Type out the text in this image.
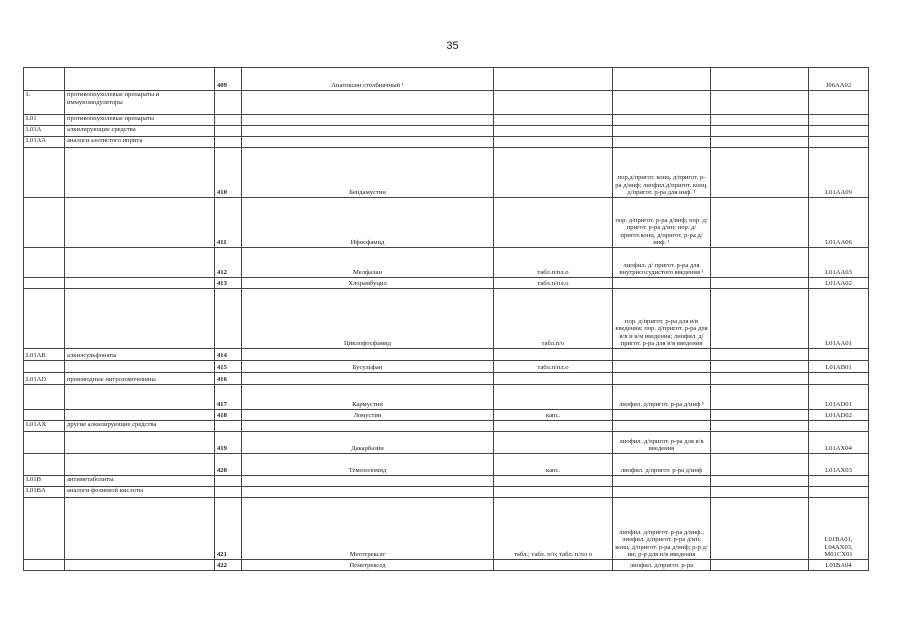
35
		409	Анатоксин столбнячный ¹				J06AA02
L	противоопухолевые препараты и иммуномодуляторы						
L01	противоопухолевые препараты						
L01A	алкилирующие средства						
L01AA	аналоги азотистого иприта						
		410	Бендамустин		пор.д/пригот. конц. д/пригот. р-ра д/инф; лиофил.д/пригот. конц. д/пригот. р-ра для инф. ¹		L01AA09
		411	Ифосфамид		пор. д/пригот. р-ра д/инф; пор. д/пригот. р-ра д/ин; пор. д/пригот.конц. д/пригот. р-ра д/инф. ¹		L01AA06
		412	Мелфалан	табл.п/пл.о	лиофил. д/ пригот. р-ра для внутрисосудистого введения ¹		L01AA03
		413	Хлорамбуцил	табл.п/пл.о			L01AA02
			Циклофосфамид	табл.п/о	пор. д/пригот. р-ра для в/в введения; пор. д/пригот. р-ра для в/в и в/м введения; лиофил. д/пригот. р-ра для в/в введения		L01AA01
L01AB	алкилсульфонаты	414					
		415	Бусульфан	табл.п/пл.о			L01AB01
L01AD	производные нитрозомочевины	416					
		417	Кармустин		лиофил. д/пригот. р-ра д/инф ¹		L01AD01
		418	Ломустин	капс.			L01AD02
L01AX	другие алкилирующие средства						
		419	Дакарбазин		лиофил. д/пригот. р-ра для в/в введения		L01AX04
		420	Темозоломид	капс.	лиофил. д/пригот. р-ра д/инф		L01AX03
L01B	антиметаболиты						
L01BA	аналоги фолиевой кислоты						
		421	Метотрексат	табл.; табл. п/о; табл. п/пл о	лиофил. д/пригот. р-ра д/инф.; лиофил. д/пригот. р-ра д/ин; конц. д/пригот. р-ра д/инф; р-р д/ин; р-р для п/к введения		L01BA01, L04AX03, M01CX01
		422	Пеметрексед		лиофил. д/пригот. р-ра		L01BA04
